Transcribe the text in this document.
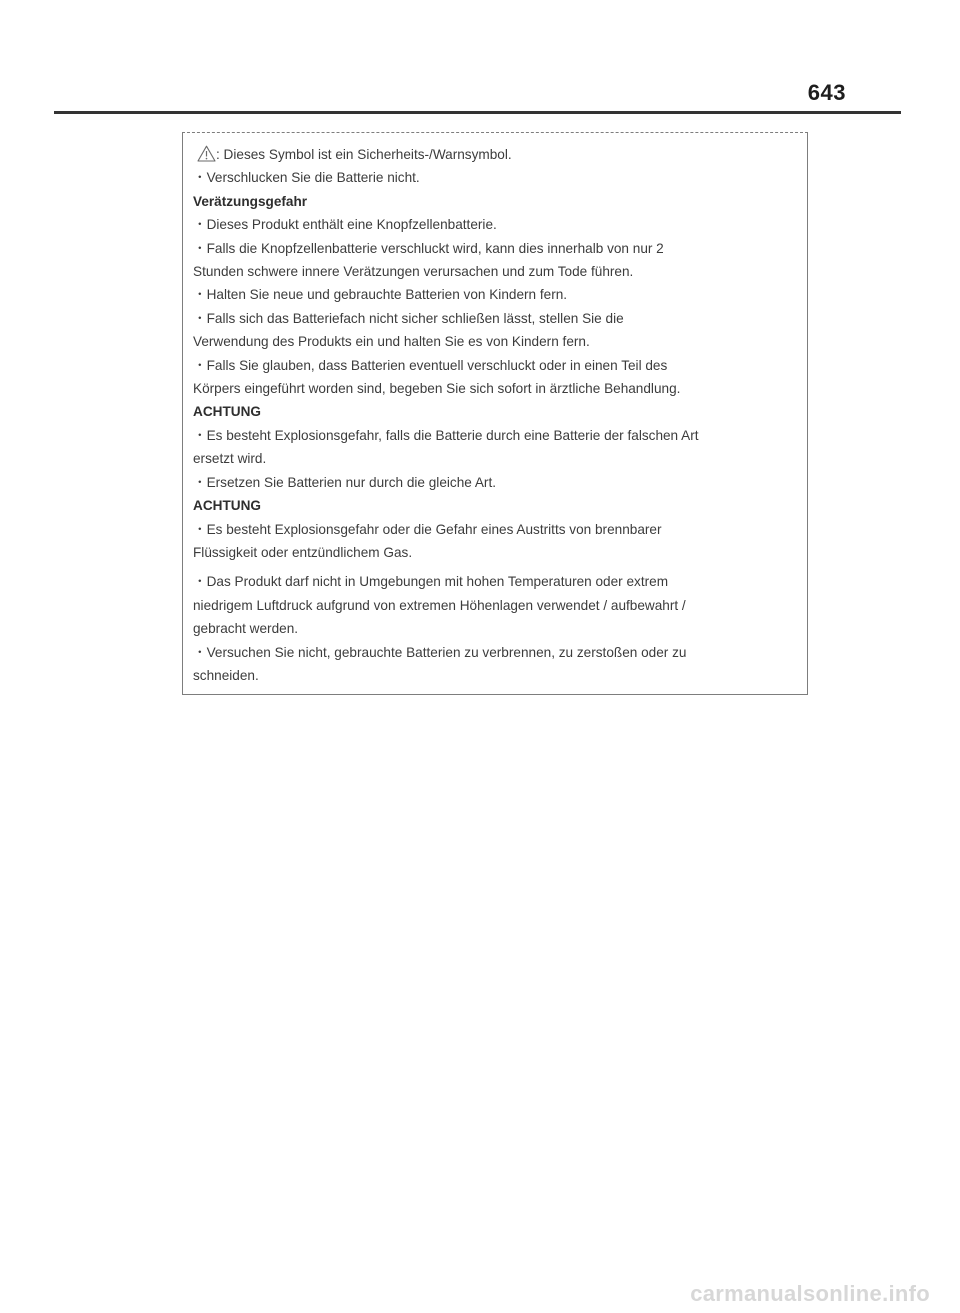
643
: Dieses Symbol ist ein Sicherheits-/Warnsymbol.
・Verschlucken Sie die Batterie nicht.
Verätzungsgefahr
・Dieses Produkt enthält eine Knopfzellenbatterie.
・Falls die Knopfzellenbatterie verschluckt wird, kann dies innerhalb von nur 2
Stunden schwere innere Verätzungen verursachen und zum Tode führen.
・Halten Sie neue und gebrauchte Batterien von Kindern fern.
・Falls sich das Batteriefach nicht sicher schließen lässt, stellen Sie die
Verwendung des Produkts ein und halten Sie es von Kindern fern.
・Falls Sie glauben, dass Batterien eventuell verschluckt oder in einen Teil des
Körpers eingeführt worden sind, begeben Sie sich sofort in ärztliche Behandlung.
ACHTUNG
・Es besteht Explosionsgefahr, falls die Batterie durch eine Batterie der falschen Art
ersetzt wird.
・Ersetzen Sie Batterien nur durch die gleiche Art.
ACHTUNG
・Es besteht Explosionsgefahr oder die Gefahr eines Austritts von brennbarer
Flüssigkeit oder entzündlichem Gas.
・Das Produkt darf nicht in Umgebungen mit hohen Temperaturen oder extrem
niedrigem Luftdruck aufgrund von extremen Höhenlagen verwendet / aufbewahrt /
gebracht werden.
・Versuchen Sie nicht, gebrauchte Batterien zu verbrennen, zu zerstoßen oder zu
schneiden.
carmanualsonline.info
